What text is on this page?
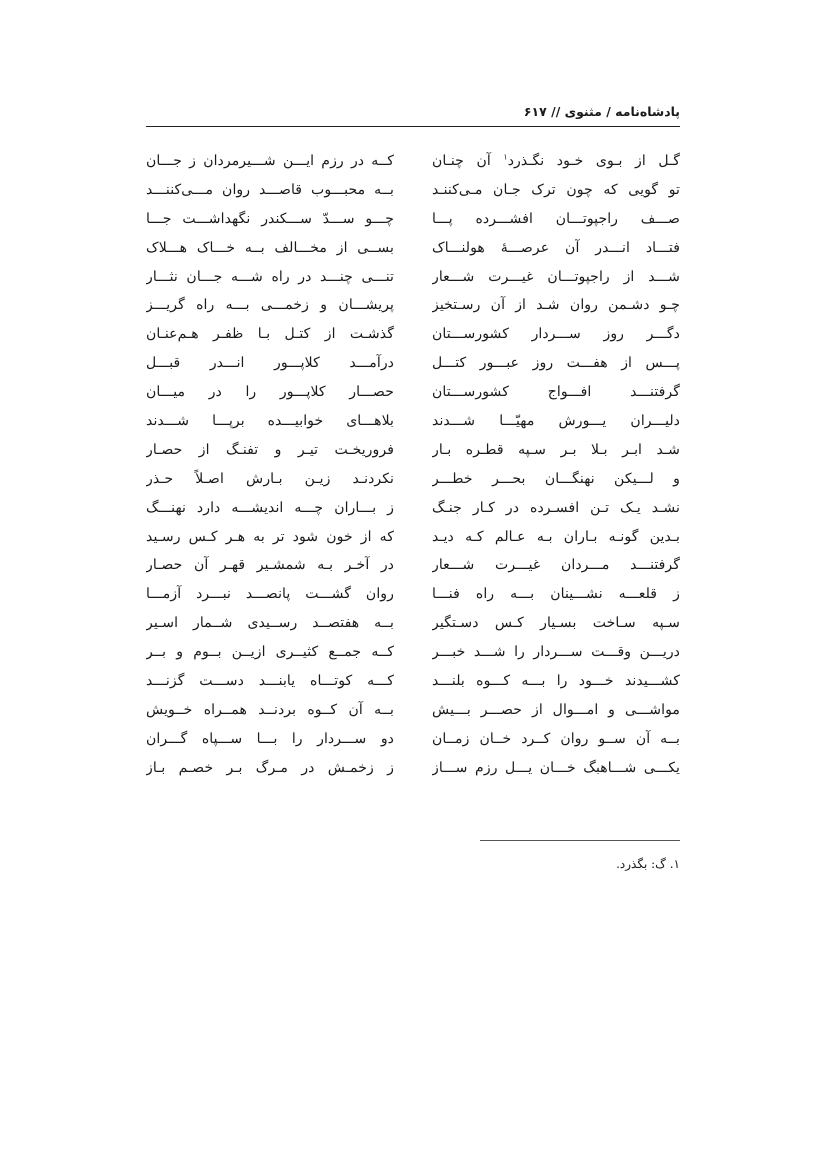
پادشاه‌نامه / مثنوی // ۶۱۷
گـل از بـوی خـود نگـذرد$^۱$ آن چنـان
کــه در رزم ایـــن شـــیرمردان ز جـــان
تو گویی که چون ترک جـان مـی‌کننـد
بــه محبـــوب قاصـــد روان مـــی‌کننـــد
صـــف راجپوتـــان افشـــرده پـــا
چـــو ســـدّ ســـکندر نگهداشـــت جـــا
فتـــاد انـــدر آن عرصـــهٔ هولنـــاک
بســی از مخـــالف بــه خـــاک هـــلاک
شـــد از راجپوتـــان غیـــرت شـــعار
تنـــی چنـــد در راه شـــه جـــان نثـــار
چـو دشـمن روان شـد از آن رسـتخیز
پریشـــان و زخمـــی بـــه راه گریـــز
دگـــر روز ســـردار کشورســـتان
گذشـت از کتـل بـا ظفـر هـم‌عنـان
پـــس از هفـــت روز عبـــور کتـــل
درآمـــد کلاپـــور انـــدر قبـــل
گرفتنـــد افـــواج کشورســـتان
حصـــار کلاپـــور را در میـــان
دلیـــران یـــورش مهیّـــا شـــدند
بلاهـــای خوابیـــده برپـــا شـــدند
شـد ابـر بـلا بـر سـپه قطـره بـار
فروریخـت تیـر و تفنـگ از حصـار
و لـــیکن نهنگـــان بحـــر خطـــر
نکردنـد زیـن بـارش اصـلاً حـذر
نشـد یـک تـن افسـرده در کـار جنـگ
ز بـــاران چـــه اندیشـــه دارد نهنـــگ
بـدین گونـه بـاران بـه عـالم کـه دیـد
که از خون شود تر به هـر کـس رسـید
گرفتنـــد مـــردان غیـــرت شـــعار
در آخـر بـه شمشـیر قهـر آن حصـار
ز قلعـــه نشـــینان بـــه راه فنـــا
روان گشـــت پانصـــد نبـــرد آزمـــا
سـپه سـاخت بسـیار کـس دسـتگیر
بــه هفتصــد رســیدی شــمار اسـیر
دریـــن وقـــت ســـردار را شـــد خبـــر
کــه جمــع کثیــری ازیــن بــوم و بــر
کشـــیدند خـــود را بـــه کـــوه بلنـــد
کـــه کوتـــاه یابنـــد دســـت گزنـــد
مواشـــی و امـــوال از حصـــر بـــیش
بــه آن کــوه بردنــد همــراه خــویش
بــه آن ســو روان کــرد خــان زمــان
دو ســـردار را بـــا ســـپاه گـــران
یکـــی شـــاهبگ خـــان یـــل رزم ســـاز
ز زخمـش در مـرگ بـر خصـم بـاز
۱. گ: بگذرد.
